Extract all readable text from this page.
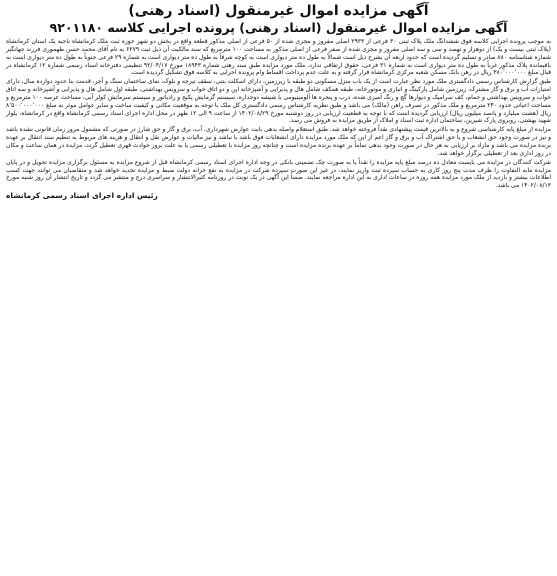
آگهی مزایده اموال غیرمنقول (اسناد رهنی)
آگهی مزایده اموال غیرمنقول (اسناد رهنی) پرونده اجرایی کلاسه ۹۲۰۱۱۸۰

به موجب پرونده اجرایی کلاسه فوق ششدانگ ملک پلاک ثبتی ۳۰ فرعی از ۲۹۳۳ اصلی مفروز و مجزی شده از ۵۰ فرعی از اصلی مذکور قطعه واقع در بخش دو شهر حوزه ثبت ملک کرمانشاه ناحیه یک استان کرمانشاه (پلاک ثبتی بیست و یک) از دوهزار و نهصد و سی و سه اصلی مفروز و مجزی شده از صفر فرعی از اصلی مذکور به مساحت ۱۰۰ مترمربع که سند مالکیت آن ذیل ثبت ۶۲۷۹ به نام آقای محمد حسن طهموری فرزند جهانگیر شماره شناسنامه ۸۸۰ صادر و تسلیم گردیده است که حدود اربعه آن بشرح ذیل است شمالاً به طول ده متر دیواری است به کوچه شرقاً به طول ده متر دیواری است به شماره ۲۹ فرعی جنوباً به طول ده متر دیواری است به باقیمانده پلاک مذکور غرباً به طول ده متر دیواری است به شماره ۳۱ فرعی، حقوق ارتفاقی ندارد. ملک مورد مزایده طبق سند رهنی شماره ۱۸۹۴۳ مورخ ۹۲/۰۴/۱۷ تنظیمی دفترخانه اسناد رسمی شماره ۱۲ کرمانشاه در قبال مبلغ ۳۸۰٬۰۰۰٬۰۰۰ ریال در رهن بانک مسکن شعبه مرکزی کرمانشاه قرار گرفته و به علت عدم پرداخت اقساط وام پرونده اجرایی به کلاسه فوق تشکیل گردیده است.

طبق گزارش کارشناس رسمی دادگستری ملک مورد نظر عبارت است از یک باب منزل مسکونی دو طبقه با زیرزمین، دارای اسکلت بتنی، سقف تیرچه و بلوک، نمای ساختمان سنگ و آجر، قدمت بنا حدود دوازده سال، دارای امتیازات آب و برق و گاز مشترک، زیرزمین شامل پارکینگ و انباری و موتورخانه، طبقه همکف شامل هال و پذیرایی و آشپزخانه اپن و دو اتاق خواب و سرویس بهداشتی، طبقه اول شامل هال و پذیرایی و آشپزخانه و سه اتاق خواب و سرویس بهداشتی و حمام، کف سرامیک و دیوارها گچ و رنگ آمیزی شده، درب و پنجره ها آلومینیومی با شیشه دوجداره، سیستم گرمایش پکیج و رادیاتور و سیستم سرمایش کولر آبی، مساحت عرصه ۱۰۰ مترمربع و مساحت اعیانی حدود ۲۴۰ مترمربع و ملک مذکور در تصرف راهن (مالک) می باشد و طبق نظریه کارشناس رسمی دادگستری کل ملک با توجه به موقعیت مکانی و کیفیت ساخت و سایر عوامل موثر به مبلغ ۸٬۵۰۰٬۰۰۰٬۰۰۰ ریال (هشت میلیارد و پانصد میلیون ریال) ارزیابی گردیده است که با توجه به قطعیت ارزیابی در روز دوشنبه مورخ ۱۴۰۲/۰۸/۲۹ از ساعت ۹ الی ۱۲ ظهر در محل اداره اجرای اسناد رسمی کرمانشاه واقع در کرمانشاه، بلوار شهید بهشتی، روبروی پارک شیرین، ساختمان اداره ثبت اسناد و املاک از طریق مزایده به فروش می رسد.

مزایده از مبلغ پایه کارشناسی شروع و به بالاترین قیمت پیشنهادی نقداً فروخته خواهد شد. طبق استعلام واصله بدهی بابت عوارض شهرداری، آب، برق و گاز و حق شارژ در صورتی که مشمول مرور زمان قانونی نشده باشد و نیز در صورت وجود حق انشعاب و یا حق اشتراک آب و برق و گاز اعم از این که ملک مورد مزایده دارای انشعابات فوق باشد یا نباشد و نیز مالیات و عوارض نقل و انتقال و هزینه های مربوط به تنظیم سند انتقال بر عهده برنده مزایده می باشد و مازاد بر ارزیابی به هر حال در صورت وجود بدهی تماماً بر عهده برنده مزایده است و چنانچه روز مزایده با تعطیلی رسمی یا به علت بروز حوادث قهری تعطیل گردد، مزایده در همان ساعت و مکان در روز اداری بعد از تعطیلی برگزار خواهد شد.

شرکت کنندگان در مزایده می بایست معادل ده درصد مبلغ پایه مزایده را نقداً یا به صورت چک تضمینی بانکی در وجه اداره اجرای اسناد رسمی کرمانشاه قبل از شروع مزایده به مسئول برگزاری مزایده تحویل و در پایان مزایده مابه التفاوت را ظرف مدت پنج روز کاری به حساب سپرده ثبت واریز نمایند، در غیر این صورت سپرده شرکت در مزایده به نفع خزانه دولت ضبط و مزایده تجدید خواهد شد و متقاضیان می توانند جهت کسب اطلاعات بیشتر و بازدید از ملک مورد مزایده همه روزه در ساعات اداری به این اداره مراجعه نمایند. ضمناً این آگهی در یک نوبت در روزنامه کثیرالانتشار و سراسری درج و منتشر می گردد و تاریخ انتشار آن روز شنبه مورخ ۱۴۰۲/۰۸/۱۳ می باشد.

رئیس اداره اجرای اسناد رسمی کرمانشاه
